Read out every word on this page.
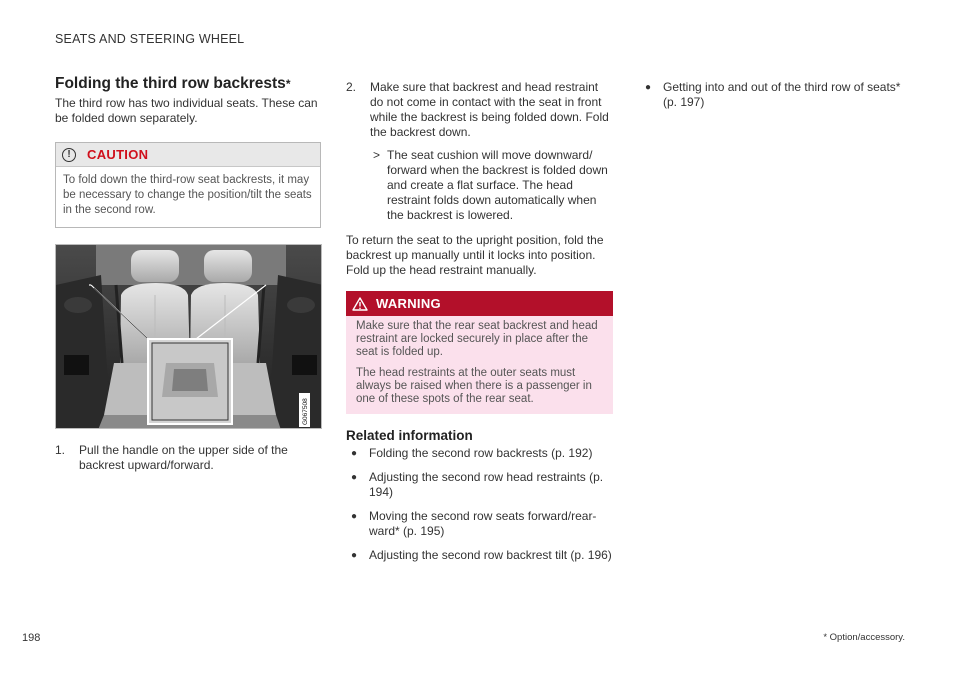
SEATS AND STEERING WHEEL
Folding the third row backrests*
The third row has two individual seats. These can be folded down separately.
!	CAUTION
To fold down the third-row seat backrests, it may be necessary to change the position/tilt the seats in the second row.
G067508
1.	Pull the handle on the upper side of the backrest upward/forward.
2.	Make sure that backrest and head restraint do not come in contact with the seat in front while the backrest is being folded down. Fold the backrest down.
> The seat cushion will move downward/ forward when the backrest is folded down and create a flat surface. The head restraint folds down automatically when the backrest is lowered.
To return the seat to the upright position, fold the backrest up manually until it locks into position. Fold up the head restraint manually.
WARNING

Make sure that the rear seat backrest and head restraint are locked securely in place after the seat is folded up.

The head restraints at the outer seats must always be raised when there is a passenger in one of these spots of the rear seat.

Related information
● Folding the second row backrests (p. 192)
● Adjusting the second row head restraints (p. 194)
● Moving the second row seats forward/rear-ward* (p. 195)
● Adjusting the second row backrest tilt (p. 196)
● Getting into and out of the third row of seats* (p. 197)
* Option/accessory.
198
